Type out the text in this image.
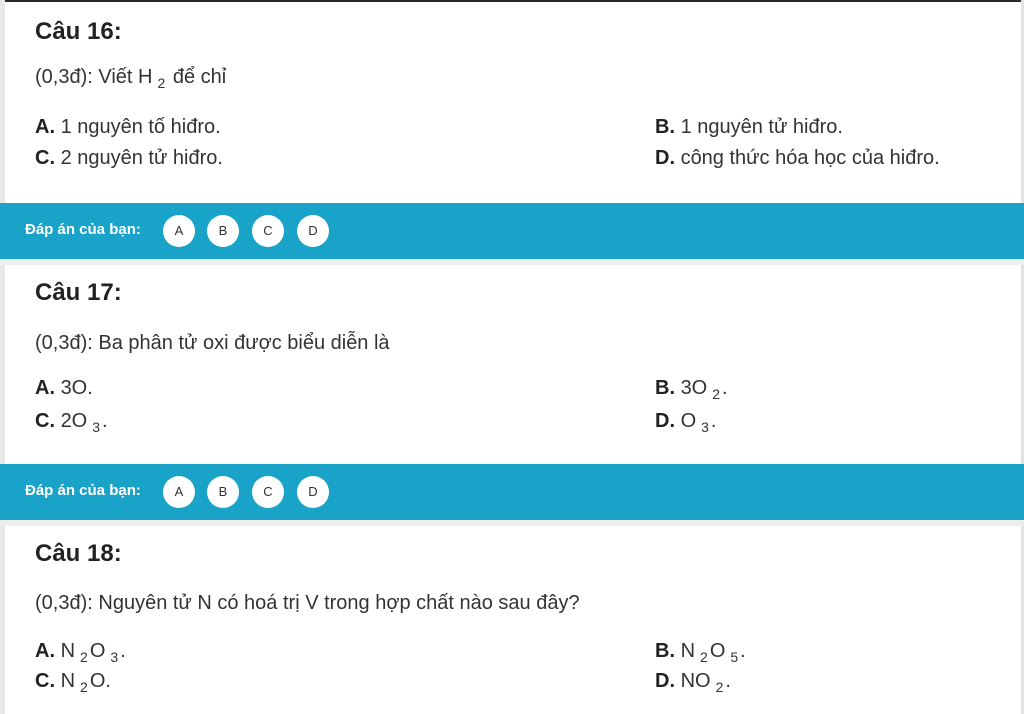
Câu 16:
(0,3đ): Viết H $_2$ để chỉ
A. 1 nguyên tố hiđro.	B. 1 nguyên tử hiđro.
C. 2 nguyên tử hiđro.	D. công thức hóa học của hiđro.
Đáp án của bạn:	A	B	C	D
Câu 17:
(0,3đ): Ba phân tử oxi được biểu diễn là
A. 3O.	B. 3O $_2$ .
C. 2O $_3$ .	D. O $_3$ .
Đáp án của bạn:	A	B	C	D
Câu 18:
(0,3đ): Nguyên tử N có hoá trị V trong hợp chất nào sau đây?
A. N $_2$ O $_3$ .	B. N $_2$ O $_5$ .
C. N $_2$ O.	D. NO $_2$ .
